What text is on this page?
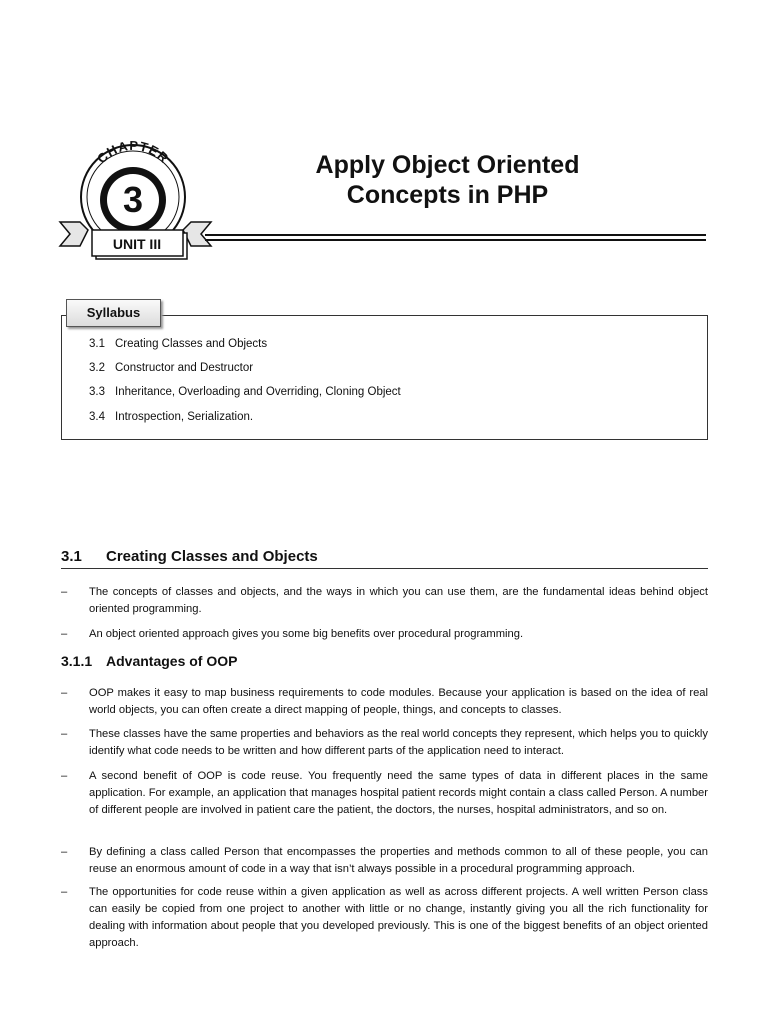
CHAPTER
3
UNIT III
Apply Object Oriented
Concepts in PHP
Syllabus
3.1 Creating Classes and Objects
3.2 Constructor and Destructor
3.3 Inheritance, Overloading and Overriding, Cloning Object
3.4 Introspection, Serialization.
3.1 Creating Classes and Objects
– The concepts of classes and objects, and the ways in which you can use them, are the fundamental ideas behind object oriented programming.
– An object oriented approach gives you some big benefits over procedural programming.
3.1.1 Advantages of OOP
– OOP makes it easy to map business requirements to code modules. Because your application is based on the idea of real world objects, you can often create a direct mapping of people, things, and concepts to classes.
– These classes have the same properties and behaviors as the real world concepts they represent, which helps you to quickly identify what code needs to be written and how different parts of the application need to interact.
– A second benefit of OOP is code reuse. You frequently need the same types of data in different places in the same application. For example, an application that manages hospital patient records might contain a class called Person. A number of different people are involved in patient care the patient, the doctors, the nurses, hospital administrators, and so on.
– By defining a class called Person that encompasses the properties and methods common to all of these people, you can reuse an enormous amount of code in a way that isn’t always possible in a procedural programming approach.
– The opportunities for code reuse within a given application as well as across different projects. A well written Person class can easily be copied from one project to another with little or no change, instantly giving you all the rich functionality for dealing with information about people that you developed previously. This is one of the biggest benefits of an object oriented approach.
